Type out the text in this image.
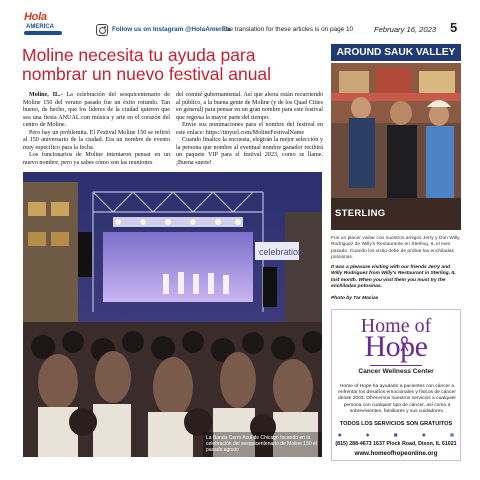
Hola
AMERICA	Follow us on Instagram @HolaAmerica
The translation for these articles is on page 10	February 16, 2023 5
Moline necesita tu ayuda para nombrar un nuevo festival anual

Moline, IL.- La celebración del sesquicentenario de Moline 150 del verano pasado fue un éxito rotundo. Tan bueno, de hecho, que los líderes de la ciudad quieren que sea una fiesta ANUAL con música y arte en el corazón del centro de Moline.

Pero hay un problemita. El Festival Moline 150 se refirió al 150 aniversario de la ciudad. Era un nombre de evento muy específico para la fecha.

Los funcionarios de Moline intentaron pensar en un nuevo nombre, pero ya sabes cómo son las reuniones

del comité gubernamental. Así que ahora están recurriendo al público, a la buena gente de Moline (y de los Quad Cities en general) para pensar en un gran nombre para este festival que regresa la mayor parte del tiempo.

Envíe sus nominaciones para el nombre del festival en este enlace: https://tinyurl.com/MolineFestivalName

Cuando finalice la encuesta, elegirán la mejor selección y la persona que nombre al eventual nombre ganador recibirá un paquete VIP para el festival 2023, como se llame. ¡Buena suerte!

celebration
La Banda Cerro Azul de Chicago tocando en la celebración del sesquicentenario de Moline 150 el pasado agosto
AROUND SAUK VALLEY
STERLING
Fue un placer visitar con nuestros amigos Jerry y Don Willy Rodriguez de Willy's Restaurante en Sterling, IL el mes pasado. Cuando los visita debe de probar las enchiladas potosinas.
It was a pleasure visiting with our friends Jerry and Willy Rodriguez from Willy's Restaurant in Sterling, IL last month. When you visit them you must try the enchiladas potosinas.
Photo by Tar Macias
Home of
Hope
Cancer Wellness Center
Home of Hope ha ayudado a pacientes con cáncer a enfrentar los desafíos emocionales y físicos de cáncer desde 2003. Ofrecemos nuestros servicios a cualquier persona con cualquier tipo de cáncer, así como a sobrevivientes, familiares y sus cuidadores.
TODOS LOS SERVICIOS SON GRATUITOS
◉	◆	▣	◉	▤
(815) 288-4673 1637 Plock Road, Dixon, IL 61021
www.homeofhopeonline.org
